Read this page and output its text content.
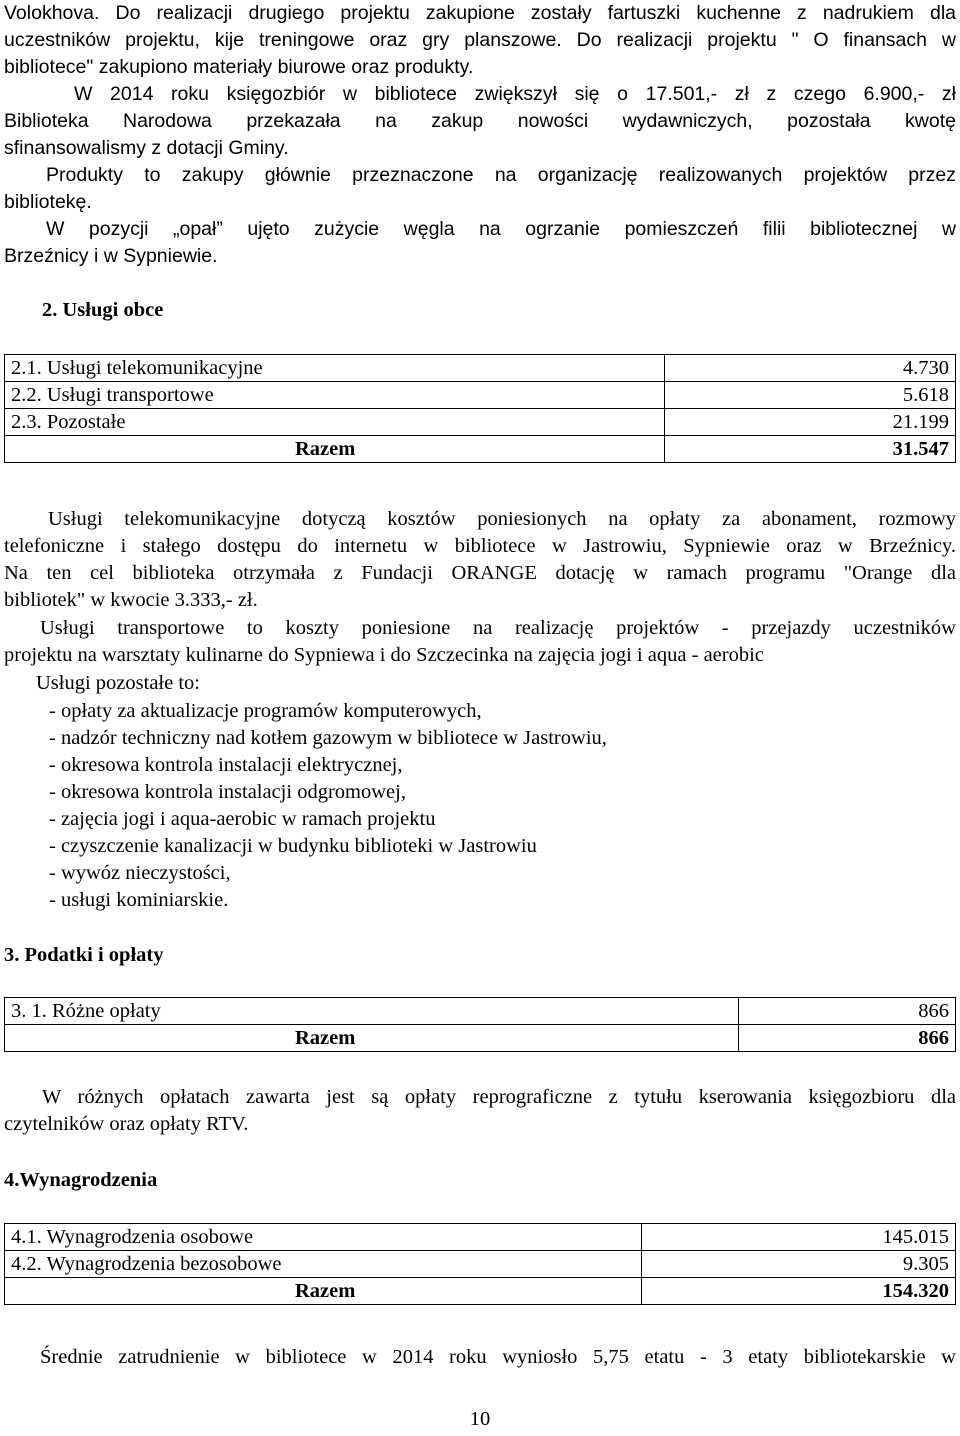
Volokhova. Do realizacji drugiego projektu zakupione zostały fartuszki kuchenne z nadrukiem dla
uczestników projektu, kije treningowe oraz gry planszowe. Do realizacji projektu " O finansach w
bibliotece" zakupiono materiały biurowe oraz produkty.
W 2014 roku księgozbiór w bibliotece zwiększył się o 17.501,- zł z czego 6.900,- zł
Biblioteka Narodowa przekazała na zakup nowości wydawniczych, pozostała kwotę
sfinansowalismy z dotacji Gminy.
Produkty to zakupy głównie przeznaczone na organizację realizowanych projektów przez
bibliotekę.
W pozycji „opał” ujęto zużycie węgla na ogrzanie pomieszczeń filii bibliotecznej w
Brzeźnicy i w Sypniewie.
2. Usługi obce
2.1. Usługi telekomunikacyjne		4.730
2.2. Usługi transportowe		5.618
2.3. Pozostałe		21.199
	Razem	31.547
Usługi telekomunikacyjne dotyczą kosztów poniesionych na opłaty za abonament, rozmowy
telefoniczne i stałego dostępu do internetu w bibliotece w Jastrowiu, Sypniewie oraz w Brzeźnicy.
Na ten cel biblioteka otrzymała z Fundacji ORANGE dotację w ramach programu "Orange dla
bibliotek" w kwocie 3.333,- zł.
Usługi transportowe to koszty poniesione na realizację projektów - przejazdy uczestników
projektu na warsztaty kulinarne do Sypniewa i do Szczecinka na zajęcia jogi i aqua - aerobic
Usługi pozostałe to:
- opłaty za aktualizacje programów komputerowych,
- nadzór techniczny nad kotłem gazowym w bibliotece w Jastrowiu,
- okresowa kontrola instalacji elektrycznej,
- okresowa kontrola instalacji odgromowej,
- zajęcia jogi i aqua-aerobic w ramach projektu
- czyszczenie kanalizacji w budynku biblioteki w Jastrowiu
- wywóz nieczystości,
- usługi kominiarskie.
3. Podatki i opłaty
3. 1. Różne opłaty		866
	Razem	866
W różnych opłatach zawarta jest są opłaty reprograficzne z tytułu kserowania księgozbioru dla
czytelników oraz opłaty RTV.
4.Wynagrodzenia
4.1. Wynagrodzenia osobowe		145.015
4.2. Wynagrodzenia bezosobowe		9.305
	Razem	154.320
Średnie zatrudnienie w bibliotece w 2014 roku wyniosło 5,75 etatu - 3 etaty bibliotekarskie w
10
